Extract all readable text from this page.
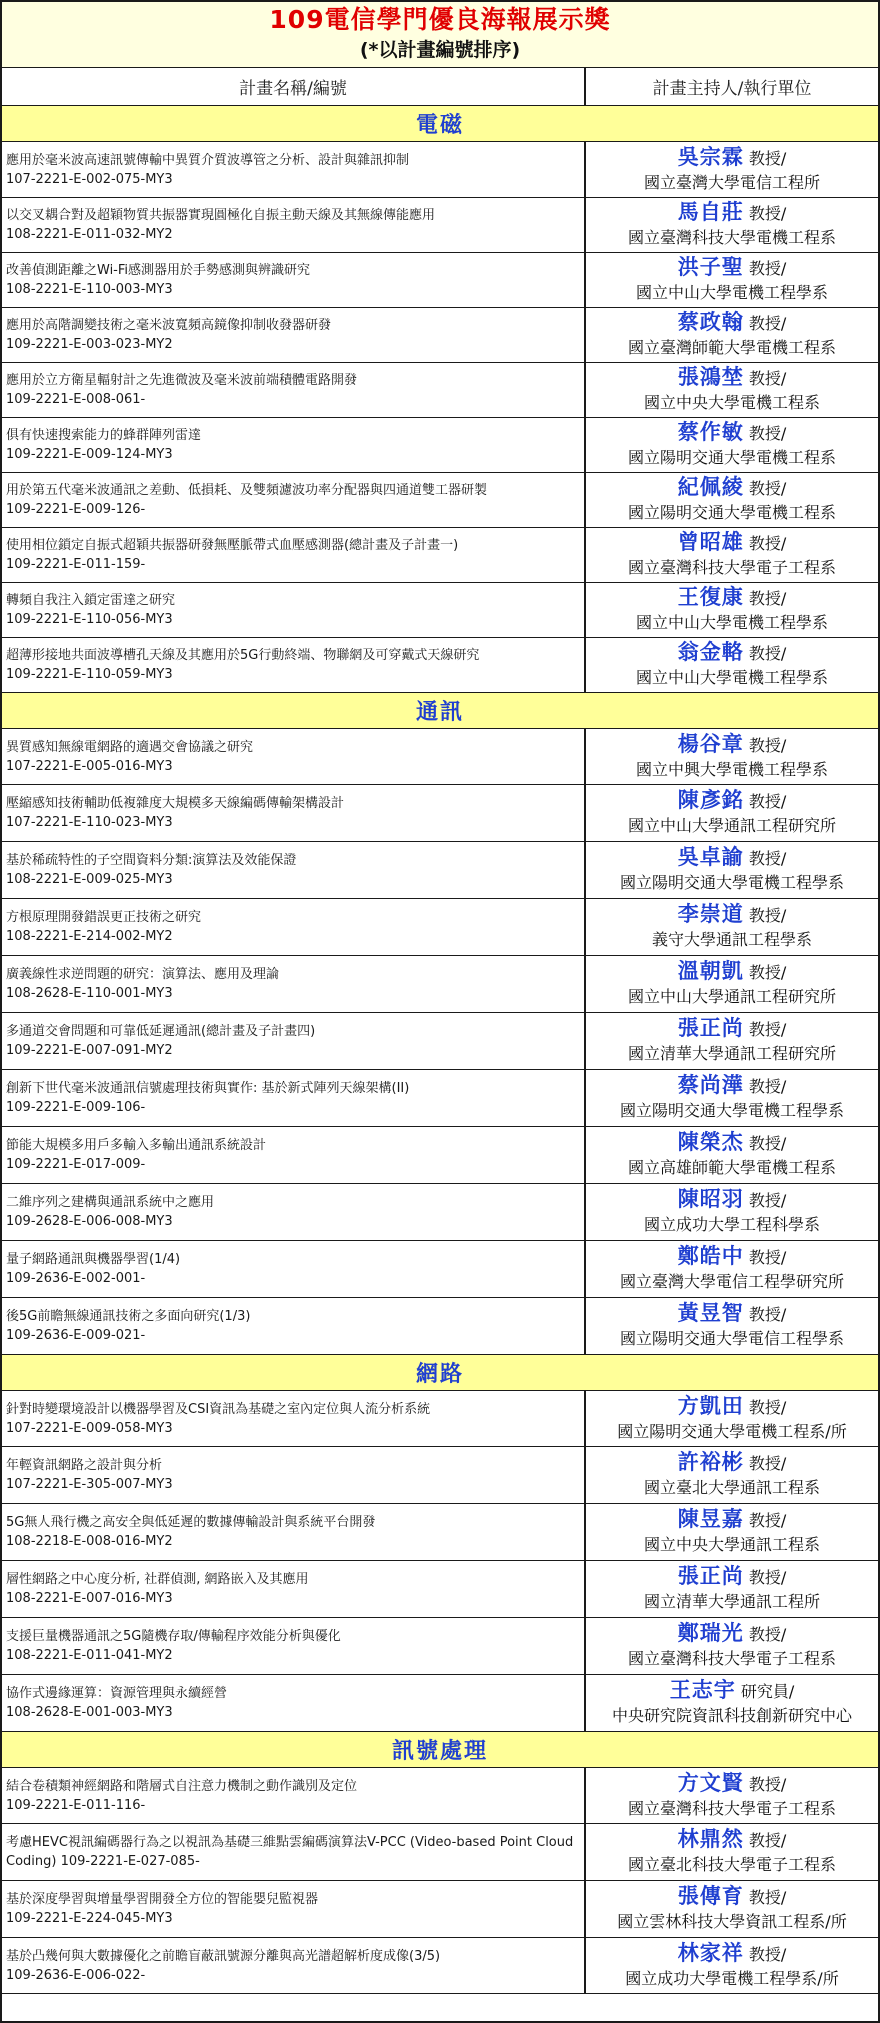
109電信學門優良海報展示獎
(*以計畫編號排序)
計畫名稱/編號	計畫主持人/執行單位
電磁
應用於毫米波高速訊號傳輸中異質介質波導管之分析、設計與雜訊抑制
107-2221-E-002-075-MY3
吳宗霖 教授/
國立臺灣大學電信工程所
以交叉耦合對及超穎物質共振器實現圓極化自振主動天線及其無線傳能應用
108-2221-E-011-032-MY2
馬自莊 教授/
國立臺灣科技大學電機工程系
改善偵測距離之Wi-Fi感測器用於手勢感測與辨識研究
108-2221-E-110-003-MY3
洪子聖 教授/
國立中山大學電機工程學系
應用於高階調變技術之毫米波寬頻高鏡像抑制收發器研發
109-2221-E-003-023-MY2
蔡政翰 教授/
國立臺灣師範大學電機工程系
應用於立方衛星輻射計之先進微波及毫米波前端積體電路開發
109-2221-E-008-061-
張鴻埜 教授/
國立中央大學電機工程系
俱有快速搜索能力的蜂群陣列雷達
109-2221-E-009-124-MY3
蔡作敏 教授/
國立陽明交通大學電機工程系
用於第五代毫米波通訊之差動、低損耗、及雙頻濾波功率分配器與四通道雙工器研製
109-2221-E-009-126-
紀佩綾 教授/
國立陽明交通大學電機工程系
使用相位鎖定自振式超穎共振器研發無壓脈帶式血壓感測器(總計畫及子計畫一)
109-2221-E-011-159-
曾昭雄 教授/
國立臺灣科技大學電子工程系
轉頻自我注入鎖定雷達之研究
109-2221-E-110-056-MY3
王復康 教授/
國立中山大學電機工程學系
超薄形接地共面波導槽孔天線及其應用於5G行動終端、物聯網及可穿戴式天線研究
109-2221-E-110-059-MY3
翁金輅 教授/
國立中山大學電機工程學系
通訊
異質感知無線電網路的適遇交會協議之研究
107-2221-E-005-016-MY3
楊谷章 教授/
國立中興大學電機工程學系
壓縮感知技術輔助低複雜度大規模多天線編碼傳輸架構設計
107-2221-E-110-023-MY3
陳彥銘 教授/
國立中山大學通訊工程研究所
基於稀疏特性的子空間資料分類:演算法及效能保證
108-2221-E-009-025-MY3
吳卓諭 教授/
國立陽明交通大學電機工程學系
方根原理開發錯誤更正技術之研究
108-2221-E-214-002-MY2
李崇道 教授/
義守大學通訊工程學系
廣義線性求逆問題的研究：演算法、應用及理論
108-2628-E-110-001-MY3
溫朝凱 教授/
國立中山大學通訊工程研究所
多通道交會問題和可靠低延遲通訊(總計畫及子計畫四)
109-2221-E-007-091-MY2
張正尚 教授/
國立清華大學通訊工程研究所
創新下世代毫米波通訊信號處理技術與實作: 基於新式陣列天線架構(II)
109-2221-E-009-106-
蔡尚澕 教授/
國立陽明交通大學電機工程學系
節能大規模多用戶多輸入多輸出通訊系統設計
109-2221-E-017-009-
陳榮杰 教授/
國立高雄師範大學電機工程系
二維序列之建構與通訊系統中之應用
109-2628-E-006-008-MY3
陳昭羽 教授/
國立成功大學工程科學系
量子網路通訊與機器學習(1/4)
109-2636-E-002-001-
鄭皓中 教授/
國立臺灣大學電信工程學研究所
後5G前瞻無線通訊技術之多面向研究(1/3)
109-2636-E-009-021-
黃昱智 教授/
國立陽明交通大學電信工程學系
網路
針對時變環境設計以機器學習及CSI資訊為基礎之室內定位與人流分析系統
107-2221-E-009-058-MY3
方凱田 教授/
國立陽明交通大學電機工程系/所
年輕資訊網路之設計與分析
107-2221-E-305-007-MY3
許裕彬 教授/
國立臺北大學通訊工程系
5G無人飛行機之高安全與低延遲的數據傳輸設計與系統平台開發
108-2218-E-008-016-MY2
陳昱嘉 教授/
國立中央大學通訊工程系
層性網路之中心度分析, 社群偵測, 網路嵌入及其應用
108-2221-E-007-016-MY3
張正尚 教授/
國立清華大學通訊工程所
支援巨量機器通訊之5G隨機存取/傳輸程序效能分析與優化
108-2221-E-011-041-MY2
鄭瑞光 教授/
國立臺灣科技大學電子工程系
協作式邊緣運算：資源管理與永續經營
108-2628-E-001-003-MY3
王志宇 研究員/
中央研究院資訊科技創新研究中心
訊號處理
結合卷積類神經網路和階層式自注意力機制之動作識別及定位
109-2221-E-011-116-
方文賢 教授/
國立臺灣科技大學電子工程系
考慮HEVC視訊編碼器行為之以視訊為基礎三維點雲編碼演算法V-PCC (Video-based Point Cloud Coding) 109-2221-E-027-085-
林鼎然 教授/
國立臺北科技大學電子工程系
基於深度學習與增量學習開發全方位的智能嬰兒監視器
109-2221-E-224-045-MY3
張傳育 教授/
國立雲林科技大學資訊工程系/所
基於凸幾何與大數據優化之前瞻盲蔽訊號源分離與高光譜超解析度成像(3/5)
109-2636-E-006-022-
林家祥 教授/
國立成功大學電機工程學系/所
